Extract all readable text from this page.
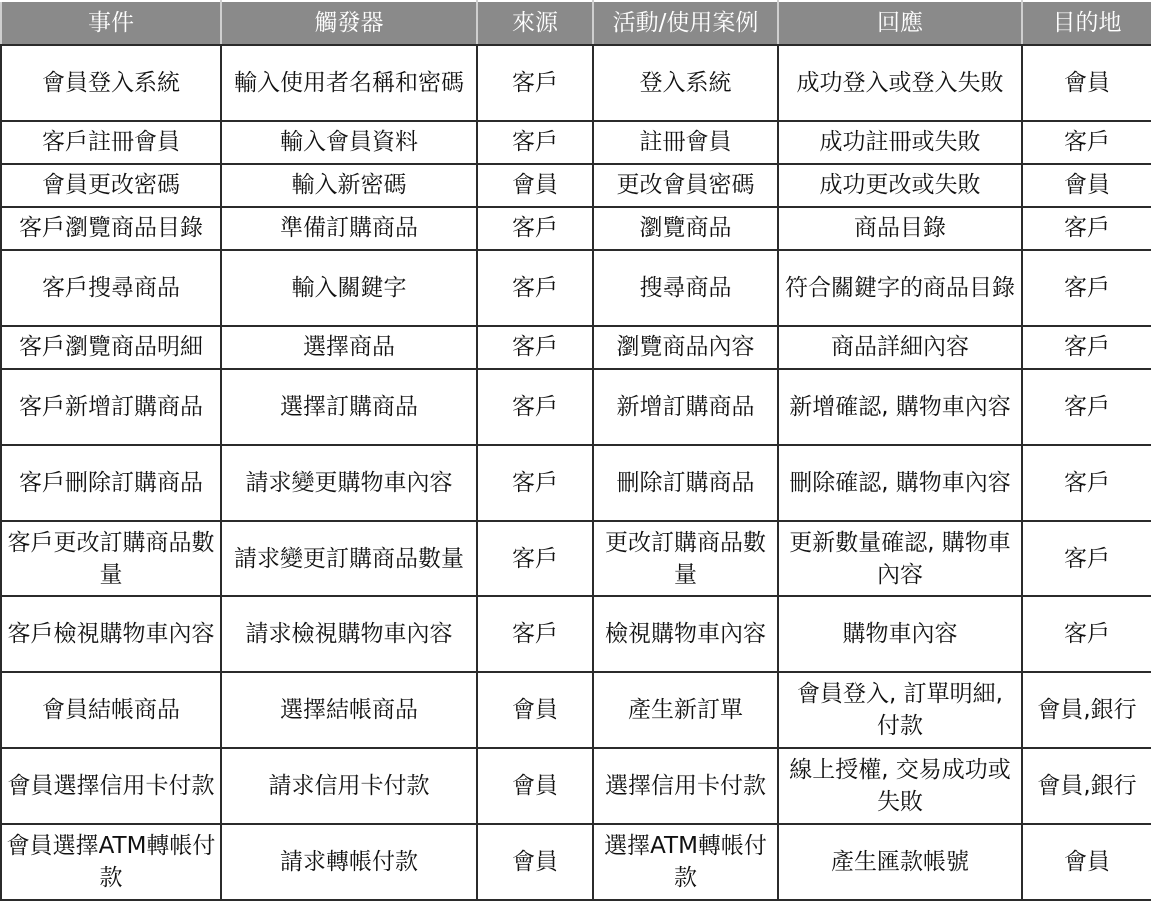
事件	觸發器	來源	活動/使用案例	回應	目的地
會員登入系統	輸入使用者名稱和密碼	客戶	登入系統	成功登入或登入失敗	會員
客戶註冊會員	輸入會員資料	客戶	註冊會員	成功註冊或失敗	客戶
會員更改密碼	輸入新密碼	會員	更改會員密碼	成功更改或失敗	會員
客戶瀏覽商品目錄	準備訂購商品	客戶	瀏覽商品	商品目錄	客戶
客戶搜尋商品	輸入關鍵字	客戶	搜尋商品	符合關鍵字的商品目錄	客戶
客戶瀏覽商品明細	選擇商品	客戶	瀏覽商品內容	商品詳細內容	客戶
客戶新增訂購商品	選擇訂購商品	客戶	新增訂購商品	新增確認, 購物車內容	客戶
客戶刪除訂購商品	請求變更購物車內容	客戶	刪除訂購商品	刪除確認, 購物車內容	客戶
客戶更改訂購商品數量	請求變更訂購商品數量	客戶	更改訂購商品數量	更新數量確認, 購物車內容	客戶
客戶檢視購物車內容	請求檢視購物車內容	客戶	檢視購物車內容	購物車內容	客戶
會員結帳商品	選擇結帳商品	會員	產生新訂單	會員登入, 訂單明細, 付款	會員,銀行
會員選擇信用卡付款	請求信用卡付款	會員	選擇信用卡付款	線上授權, 交易成功或失敗	會員,銀行
會員選擇ATM轉帳付款	請求轉帳付款	會員	選擇ATM轉帳付款	產生匯款帳號	會員
